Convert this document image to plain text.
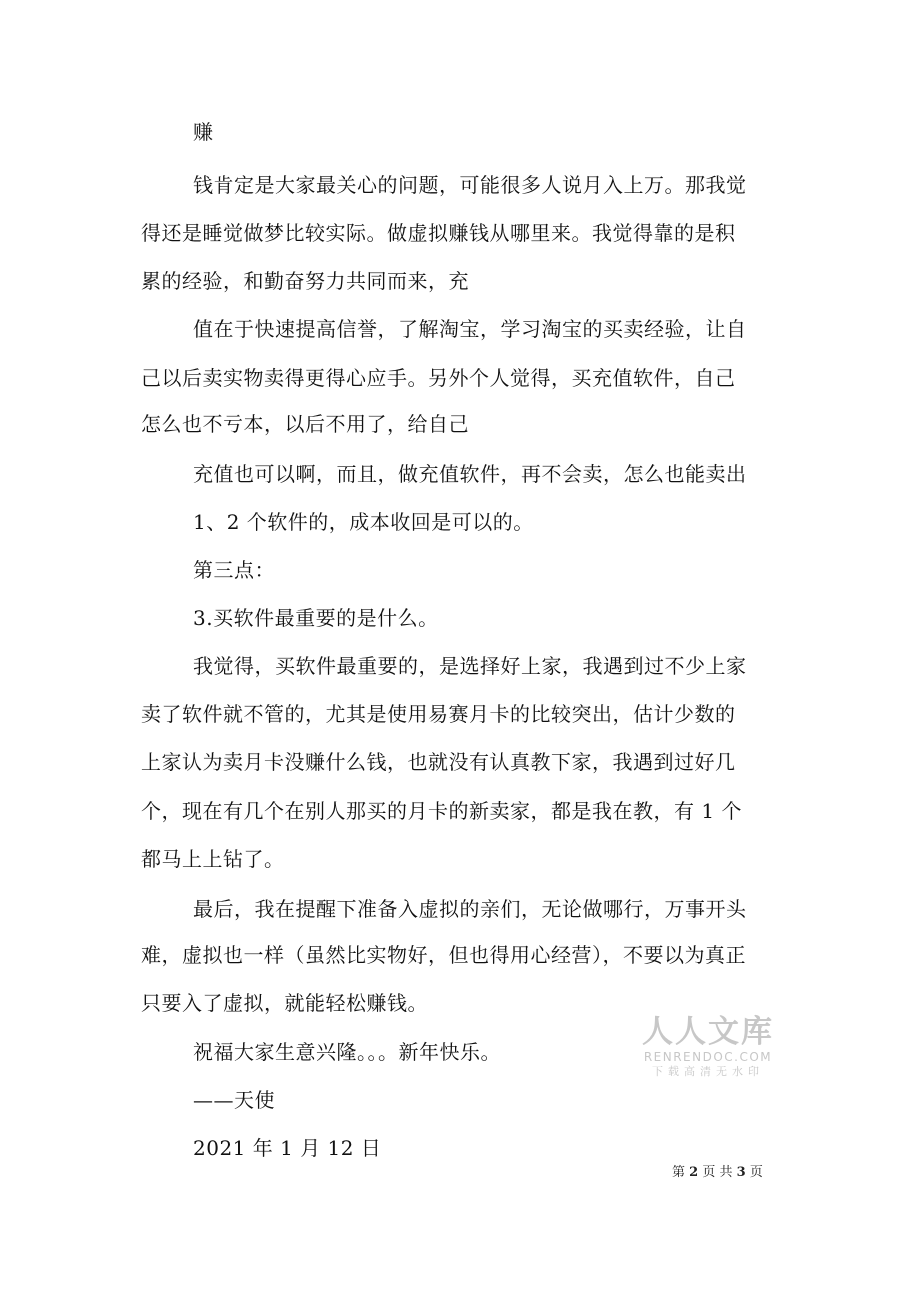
赚
钱肯定是大家最关心的问题，可能很多人说月入上万。那我觉
得还是睡觉做梦比较实际。做虚拟赚钱从哪里来。我觉得靠的是积
累的经验，和勤奋努力共同而来，充
值在于快速提高信誉，了解淘宝，学习淘宝的买卖经验，让自
己以后卖实物卖得更得心应手。另外个人觉得，买充值软件，自己
怎么也不亏本，以后不用了，给自己
充值也可以啊，而且，做充值软件，再不会卖，怎么也能卖出
1、2 个软件的，成本收回是可以的。
第三点：
3.买软件最重要的是什么。
我觉得，买软件最重要的，是选择好上家，我遇到过不少上家
卖了软件就不管的，尤其是使用易赛月卡的比较突出，估计少数的
上家认为卖月卡没赚什么钱，也就没有认真教下家，我遇到过好几
个，现在有几个在别人那买的月卡的新卖家，都是我在教，有 1 个
都马上上钻了。
最后，我在提醒下准备入虚拟的亲们，无论做哪行，万事开头
难，虚拟也一样（虽然比实物好，但也得用心经营），不要以为真正
只要入了虚拟，就能轻松赚钱。
祝福大家生意兴隆。。。新年快乐。
——天使
2021 年 1 月 12 日
人人文库
RENRENDOC.COM
下载高清无水印
第 2 页 共 3 页
